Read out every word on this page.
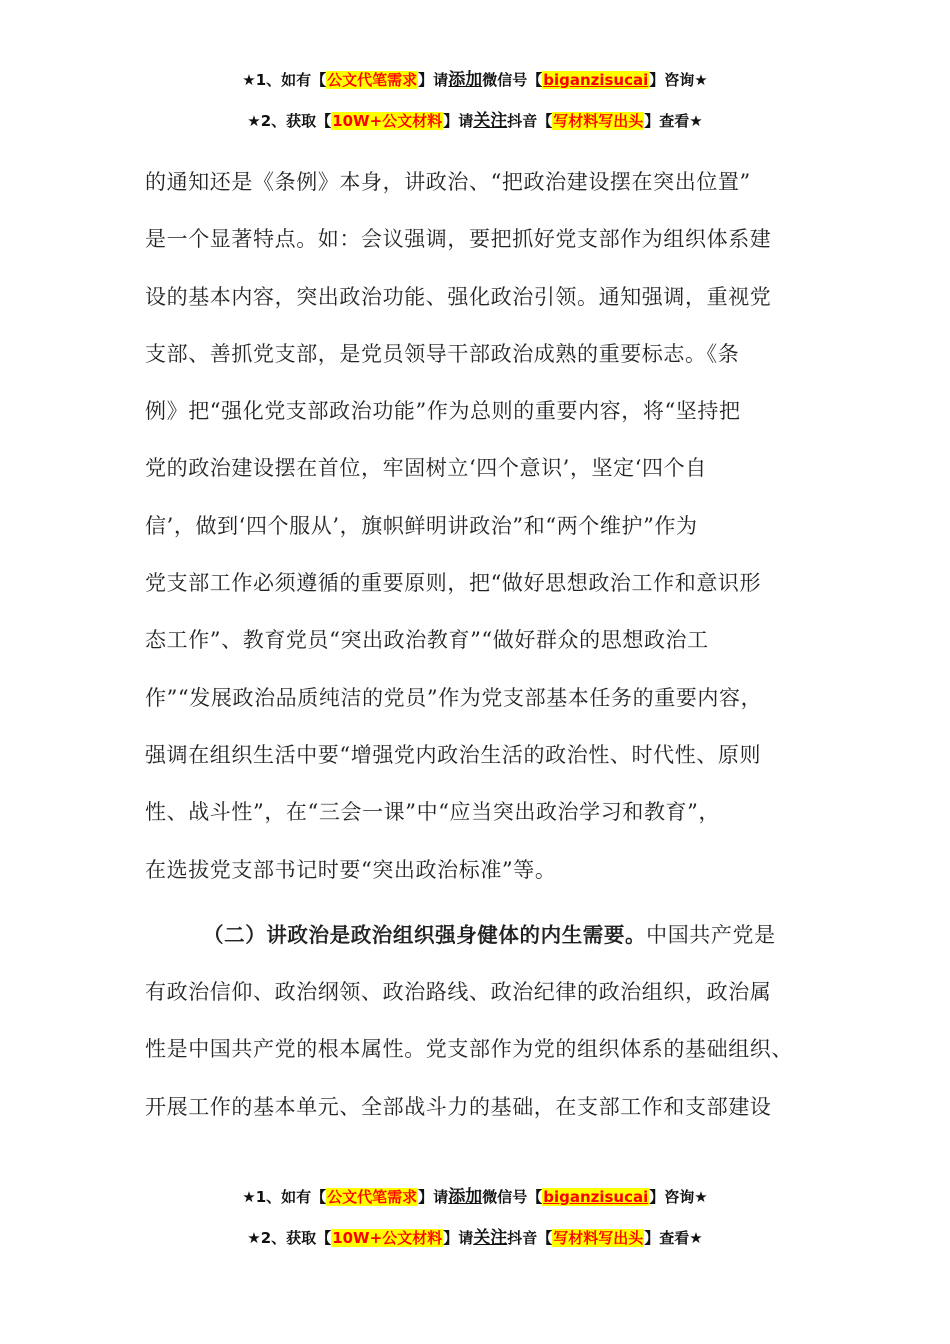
★1、如有【公文代笔需求】请添加微信号【biganzisucai】咨询★
★2、获取【10W+公文材料】请关注抖音【写材料写出头】查看★
的通知还是《条例》本身，讲政治、“把政治建设摆在突出位置”
是一个显著特点。如：会议强调，要把抓好党支部作为组织体系建
设的基本内容，突出政治功能、强化政治引领。通知强调，重视党
支部、善抓党支部，是党员领导干部政治成熟的重要标志。《条
例》把“强化党支部政治功能”作为总则的重要内容，将“坚持把
党的政治建设摆在首位，牢固树立‘四个意识’，坚定‘四个自
信’，做到‘四个服从’，旗帜鲜明讲政治”和“两个维护”作为
党支部工作必须遵循的重要原则，把“做好思想政治工作和意识形
态工作”、教育党员“突出政治教育”“做好群众的思想政治工
作”“发展政治品质纯洁的党员”作为党支部基本任务的重要内容，
强调在组织生活中要“增强党内政治生活的政治性、时代性、原则
性、战斗性”，在“三会一课”中“应当突出政治学习和教育”，
在选拔党支部书记时要“突出政治标准”等。
（二）讲政治是政治组织强身健体的内生需要。中国共产党是
有政治信仰、政治纲领、政治路线、政治纪律的政治组织，政治属
性是中国共产党的根本属性。党支部作为党的组织体系的基础组织、
开展工作的基本单元、全部战斗力的基础，在支部工作和支部建设
★1、如有【公文代笔需求】请添加微信号【biganzisucai】咨询★
★2、获取【10W+公文材料】请关注抖音【写材料写出头】查看★
